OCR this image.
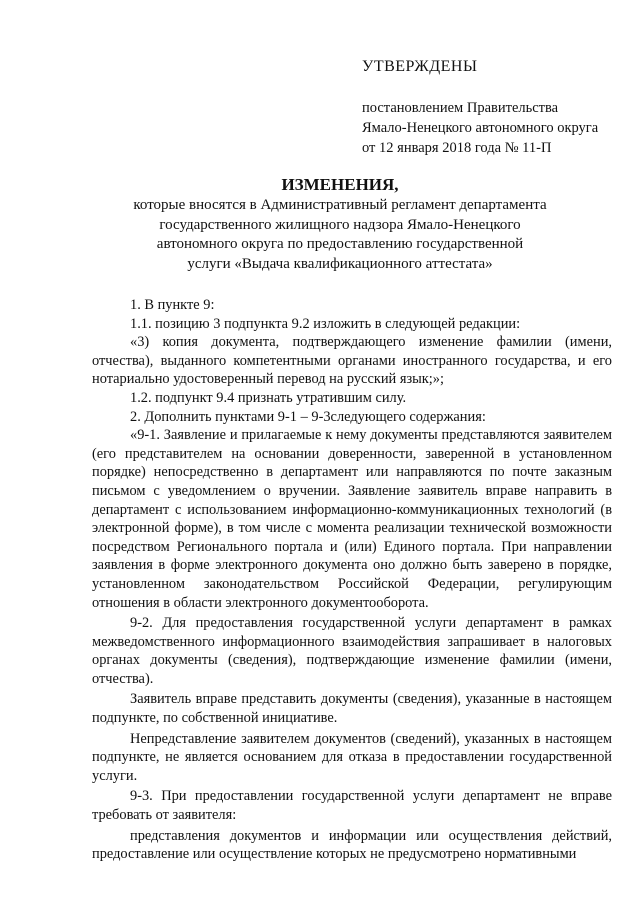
УТВЕРЖДЕНЫ

постановлением Правительства

Ямало-Ненецкого автономного округа

от 12 января 2018 года № 11-П

ИЗМЕНЕНИЯ,

которые вносятся в Административный регламент департамента

государственного жилищного надзора Ямало-Ненецкого

автономного округа по предоставлению государственной

услуги «Выдача квалификационного аттестата»

1. В пункте 9:

1.1. позицию 3 подпункта 9.2 изложить в следующей редакции:

«3) копия документа, подтверждающего изменение фамилии (имени, отчества), выданного компетентными органами иностранного государства, и его нотариально удостоверенный перевод на русский язык;»;

1.2. подпункт 9.4 признать утратившим силу.

2. Дополнить пунктами 9-1 – 9-3следующего содержания:

«9-1. Заявление и прилагаемые к нему документы представляются заявителем (его представителем на основании доверенности, заверенной в установленном порядке) непосредственно в департамент или направляются по почте заказным письмом с уведомлением о вручении. Заявление заявитель вправе направить в департамент с использованием информационно-коммуникационных технологий (в электронной форме), в том числе с момента реализации технической возможности посредством Регионального портала и (или) Единого портала. При направлении заявления в форме электронного документа оно должно быть заверено в порядке, установленном законодательством Российской Федерации, регулирующим отношения в области электронного документооборота.

9-2. Для предоставления государственной услуги департамент в рамках межведомственного информационного взаимодействия запрашивает в налоговых органах документы (сведения), подтверждающие изменение фамилии (имени, отчества).

Заявитель вправе представить документы (сведения), указанные в настоящем подпункте, по собственной инициативе.

Непредставление заявителем документов (сведений), указанных в настоящем подпункте, не является основанием для отказа в предоставлении государственной услуги.

9-3. При предоставлении государственной услуги департамент не вправе требовать от заявителя:

представления документов и информации или осуществления действий, предоставление или осуществление которых не предусмотрено нормативными
